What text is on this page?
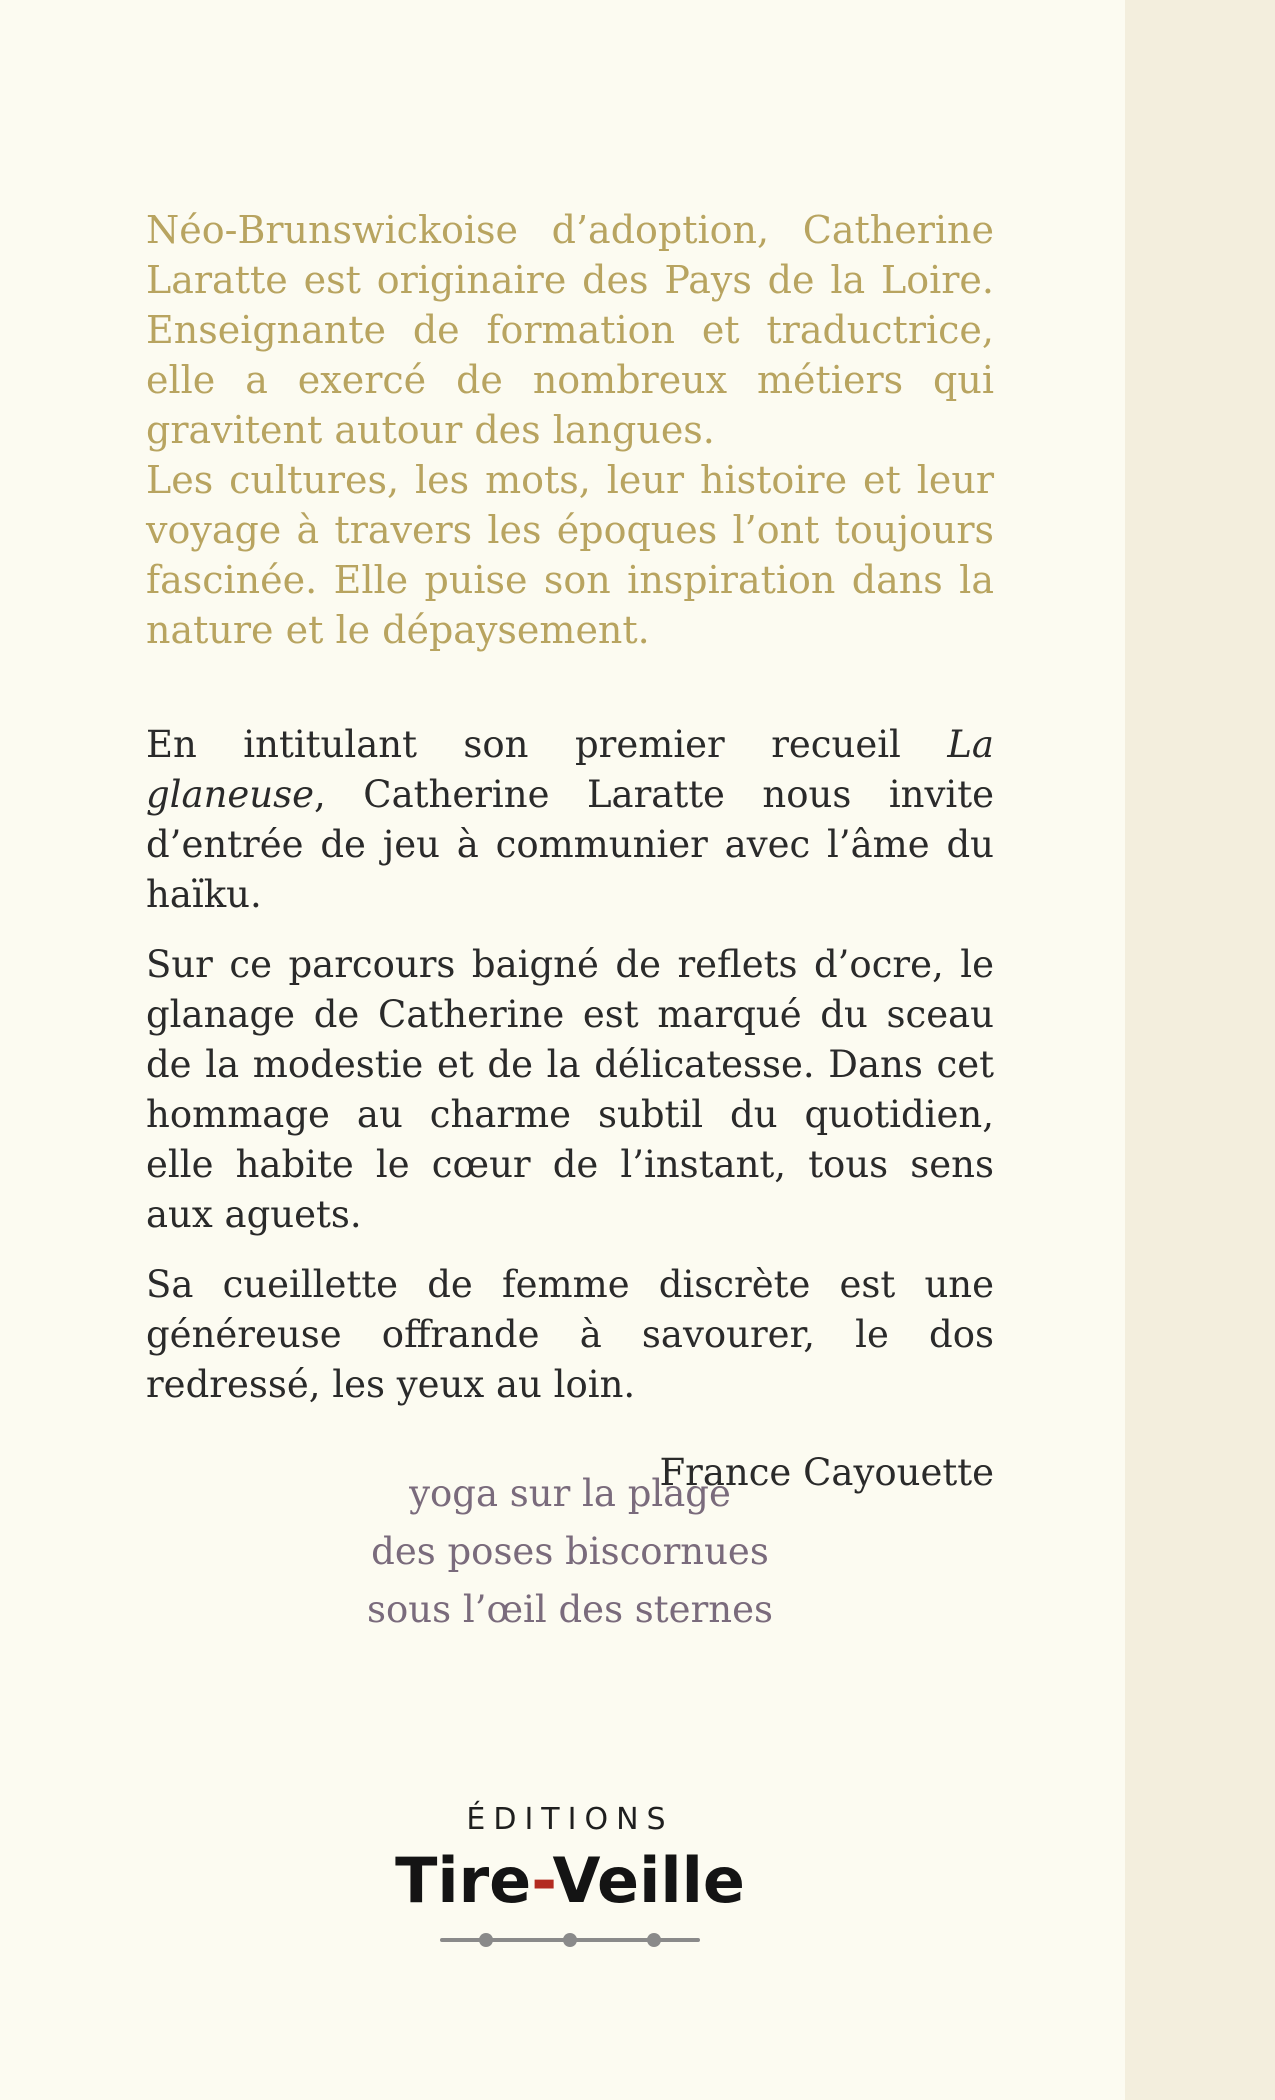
Néo-Brunswickoise d’adoption, Catherine Laratte est originaire des Pays de la Loire. Enseignante de formation et traductrice, elle a exercé de nombreux métiers qui gravitent autour des langues.

Les cultures, les mots, leur histoire et leur voyage à travers les époques l’ont toujours fascinée. Elle puise son inspiration dans la nature et le dépaysement.

En intitulant son premier recueil La glaneuse, Catherine Laratte nous invite d’entrée de jeu à communier avec l’âme du haïku.

Sur ce parcours baigné de reflets d’ocre, le glanage de Catherine est marqué du sceau de la modestie et de la délicatesse. Dans cet hommage au charme subtil du quotidien, elle habite le cœur de l’instant, tous sens aux aguets.

Sa cueillette de femme discrète est une généreuse offrande à savourer, le dos redressé, les yeux au loin.

France Cayouette
yoga sur la plage
des poses biscornues
sous l’œil des sternes
ÉDITIONS
Tire-Veille
